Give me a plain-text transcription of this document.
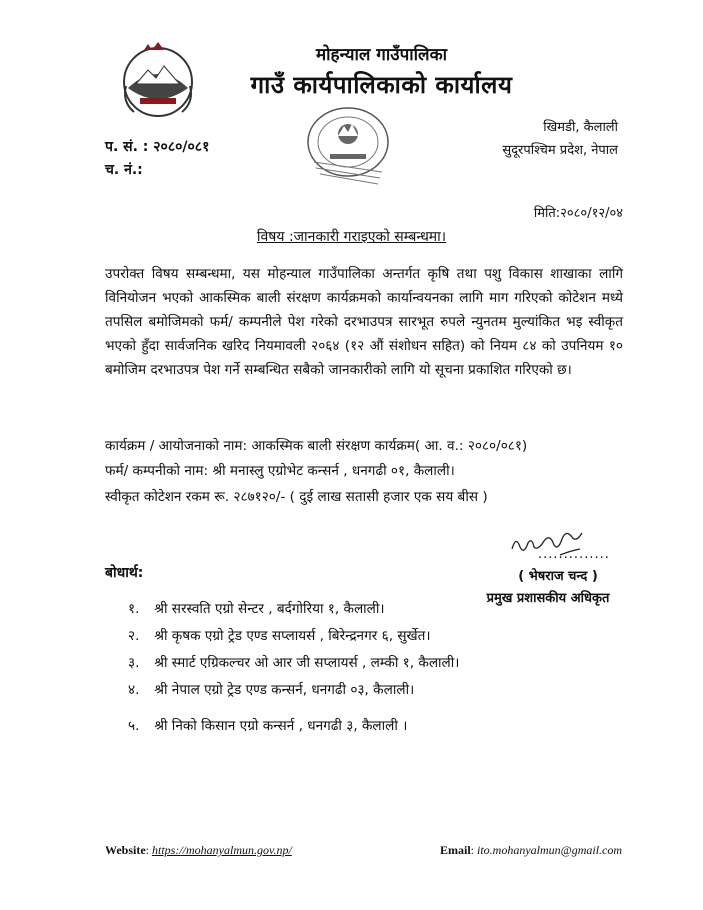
मोहन्याल गाउँपालिका
गाउँ कार्यपालिकाको कार्यालय
खिमडी, कैलाली
सुदूरपश्चिम प्रदेश, नेपाल
प. सं. : २०८०/०८१
च. नं.:
मिति:२०८०/१२/०४
विषय :जानकारी गराइएको सम्बन्धमा।
उपरोक्त विषय सम्बन्धमा, यस मोहन्याल गाउँपालिका अन्तर्गत कृषि तथा पशु विकास शाखाका लागि विनियोजन भएको आकस्मिक बाली संरक्षण कार्यक्रमको कार्यान्वयनका लागि माग गरिएको कोटेशन मध्ये तपसिल बमोजिमको फर्म/ कम्पनीले पेश गरेको दरभाउपत्र सारभूत रुपले न्युनतम मुल्यांकित भइ स्वीकृत भएको हुँदा सार्वजनिक खरिद नियमावली २०६४ (१२ औं संशोधन सहित) को नियम ८४ को उपनियम १० बमोजिम दरभाउपत्र पेश गर्ने सम्बन्धित सबैको जानकारीको लागि यो सूचना प्रकाशित गरिएको छ।
कार्यक्रम / आयोजनाको नाम: आकस्मिक बाली संरक्षण कार्यक्रम( आ. व.: २०८०/०८१)
फर्म/ कम्पनीको नाम: श्री मनास्लु एग्रोभेट कन्सर्न , धनगढी ०१, कैलाली।
स्वीकृत कोटेशन रकम रू. २८७१२०/- ( दुई लाख सतासी हजार एक सय बीस )
..............
( भेषराज चन्द )
प्रमुख प्रशासकीय अधिकृत
बोधार्थ:
१. श्री सरस्वति एग्रो सेन्टर , बर्दगोरिया १, कैलाली।
२. श्री कृषक एग्रो ट्रेड एण्ड सप्लायर्स , बिरेन्द्रनगर ६, सुर्खेत।
३. श्री स्मार्ट एग्रिकल्चर ओ आर जी सप्लायर्स , लम्की १, कैलाली।
४. श्री नेपाल एग्रो ट्रेड एण्ड कन्सर्न, धनगढी ०३, कैलाली।
५. श्री निको किसान एग्रो कन्सर्न , धनगढी ३, कैलाली ।
Website: https://mohanyalmun.gov.np/	Email: ito.mohanyalmun@gmail.com
